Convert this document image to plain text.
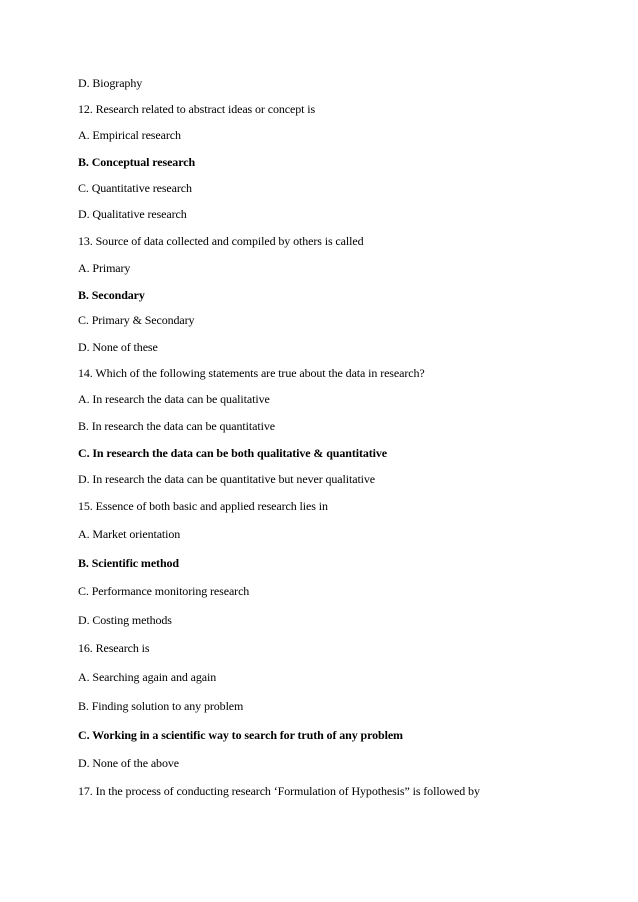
D. Biography
12. Research related to abstract ideas or concept is
A. Empirical research
B. Conceptual research
C. Quantitative research
D. Qualitative research
13. Source of data collected and compiled by others is called
A. Primary
B. Secondary
C. Primary & Secondary
D. None of these
14. Which of the following statements are true about the data in research?
A. In research the data can be qualitative
B. In research the data can be quantitative
C. In research the data can be both qualitative & quantitative
D. In research the data can be quantitative but never qualitative
15. Essence of both basic and applied research lies in
A. Market orientation
B. Scientific method
C. Performance monitoring research
D. Costing methods
16. Research is
A. Searching again and again
B. Finding solution to any problem
C. Working in a scientific way to search for truth of any problem
D. None of the above
17. In the process of conducting research ‘Formulation of Hypothesis” is followed by
